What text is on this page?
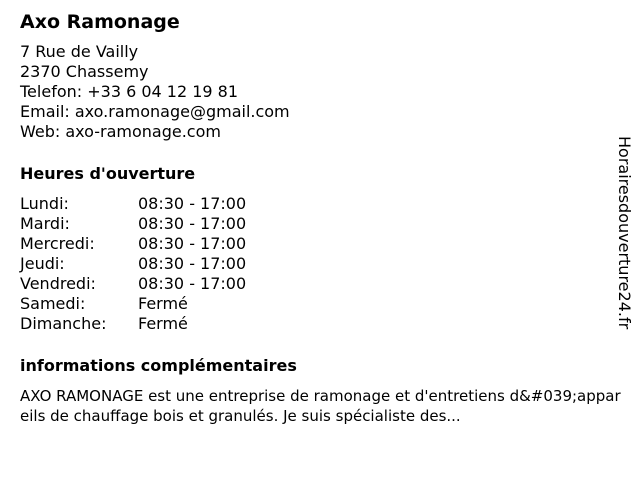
Axo Ramonage
7 Rue de Vailly
2370 Chassemy
Telefon: +33 6 04 12 19 81
Email: axo.ramonage@gmail.com
Web: axo-ramonage.com
Heures d'ouverture
Lundi:	08:30 - 17:00
Mardi:	08:30 - 17:00
Mercredi:	08:30 - 17:00
Jeudi:	08:30 - 17:00
Vendredi:	08:30 - 17:00
Samedi:	Fermé
Dimanche:	Fermé
informations complémentaires
AXO RAMONAGE est une entreprise de ramonage et d'entretiens d&#039;appareils de chauffage bois et granulés. Je suis spécialiste des...
Horairesdouverture24.fr
